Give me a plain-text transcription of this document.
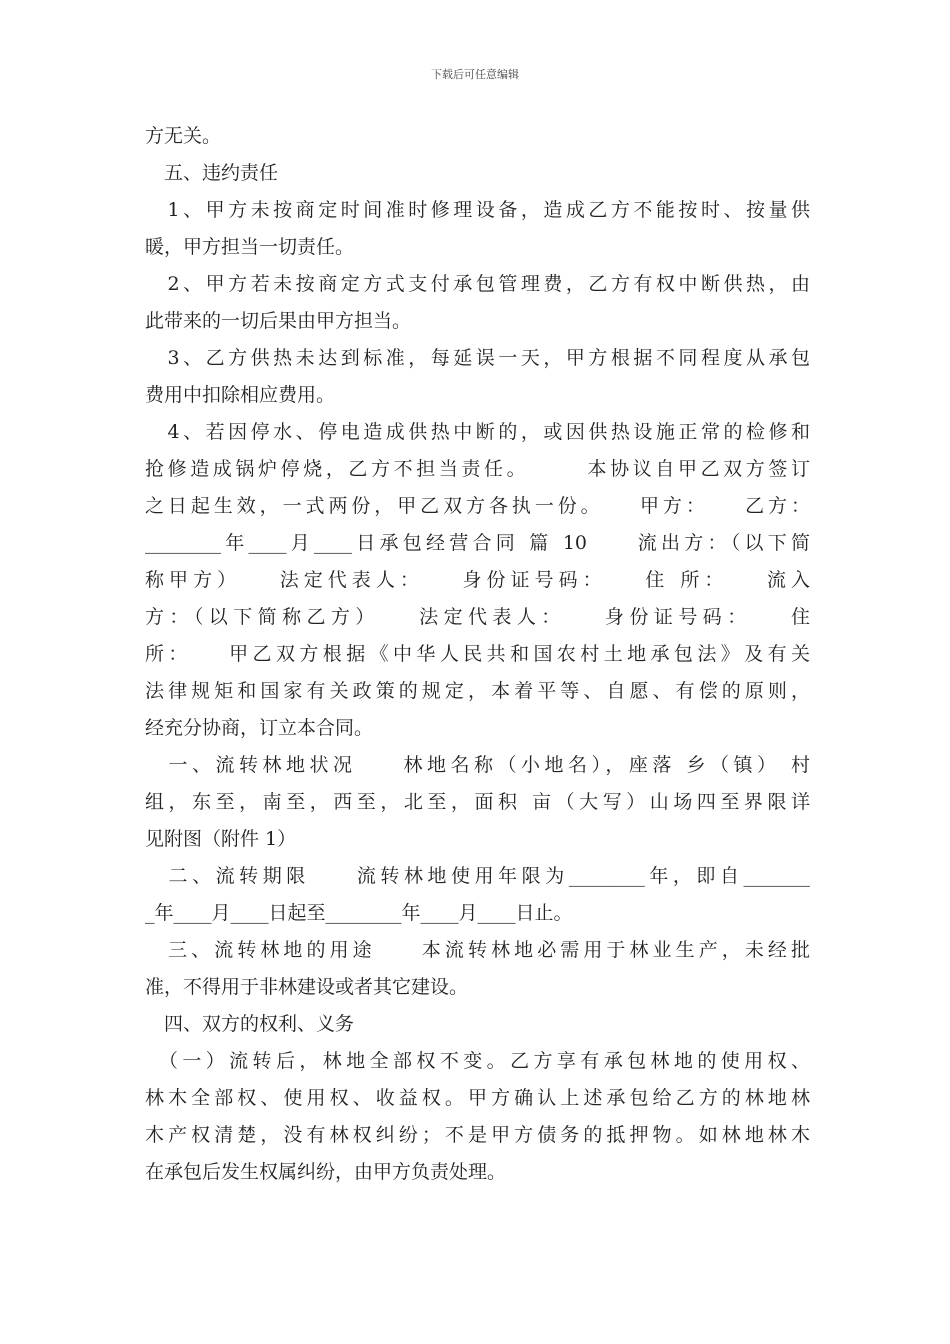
下载后可任意编辑
方无关。
　五、违约责任
　1、甲方未按商定时间准时修理设备，造成乙方不能按时、按量供
暖，甲方担当一切责任。
　2、甲方若未按商定方式支付承包管理费，乙方有权中断供热，由
此带来的一切后果由甲方担当。
　3、乙方供热未达到标准，每延误一天，甲方根据不同程度从承包
费用中扣除相应费用。
　4、若因停水、停电造成供热中断的，或因供热设施正常的检修和
抢修造成锅炉停烧，乙方不担当责任。　　　本协议自甲乙双方签订
之日起生效，一式两份，甲乙双方各执一份。　　甲方：　　乙方：
________年____月____日承包经营合同 篇 10　　流出方：（以下简
称甲方）　　法定代表人：　　身份证号码：　　住 所：　　流入
方：（以下简称乙方）　　法定代表人：　　身份证号码：　　住
所：　　甲乙双方根据《中华人民共和国农村土地承包法》及有关
法律规矩和国家有关政策的规定，本着平等、自愿、有偿的原则，
经充分协商，订立本合同。
　一、流转林地状况　　林地名称（小地名），座落 乡（镇） 村
组，东至，南至，西至，北至，面积 亩（大写）山场四至界限详
见附图（附件 1）
　二、流转期限　　流转林地使用年限为________年，即自_______
_年____月____日起至________年____月____日止。
　三、流转林地的用途　　本流转林地必需用于林业生产，未经批
准，不得用于非林建设或者其它建设。
　四、双方的权利、义务
　（一）流转后，林地全部权不变。乙方享有承包林地的使用权、
林木全部权、使用权、收益权。甲方确认上述承包给乙方的林地林
木产权清楚，没有林权纠纷；不是甲方债务的抵押物。如林地林木
在承包后发生权属纠纷，由甲方负责处理。
